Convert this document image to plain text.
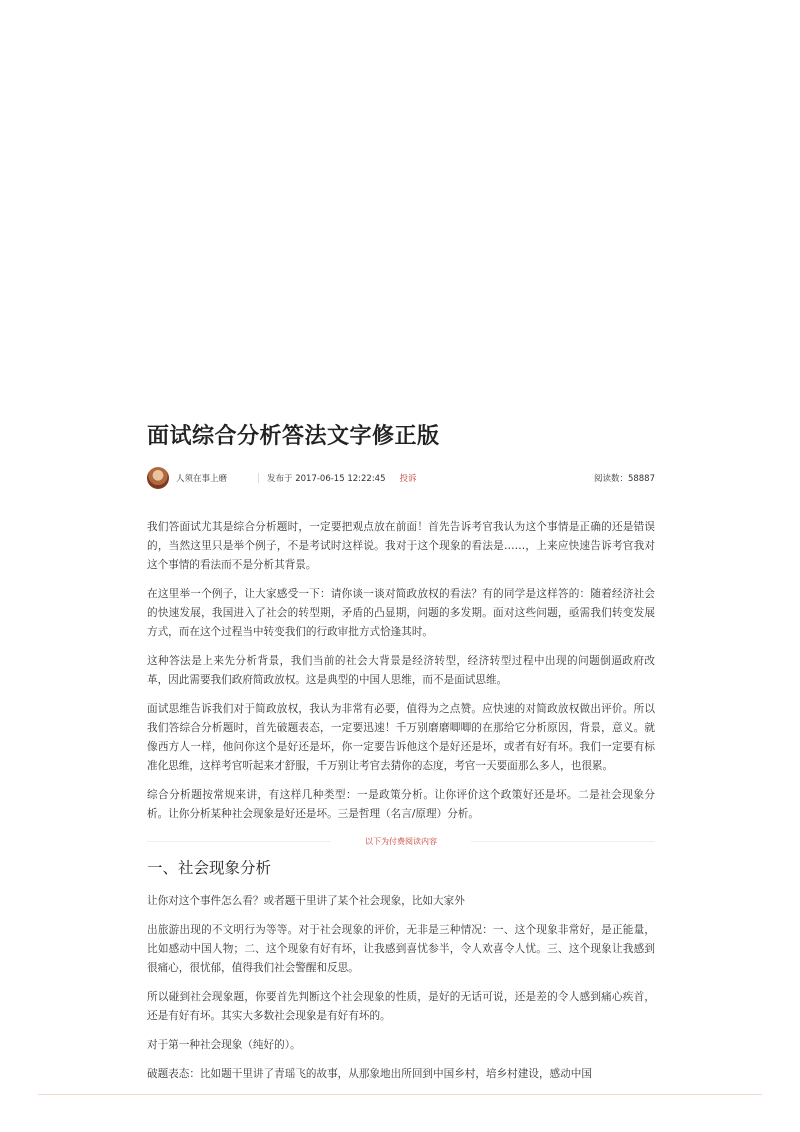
面试综合分析答法文字修正版
人须在事上磨	发布于 2017-06-15 12:22:45 投诉	阅读数：58887

我们答面试尤其是综合分析题时，一定要把观点放在前面！首先告诉考官我认为这个事情是正确的还是错误的，当然这里只是举个例子，不是考试时这样说。我对于这个现象的看法是……，上来应快速告诉考官我对这个事情的看法而不是分析其背景。

在这里举一个例子，让大家感受一下：请你谈一谈对简政放权的看法？有的同学是这样答的：随着经济社会的快速发展，我国进入了社会的转型期，矛盾的凸显期，问题的多发期。面对这些问题，亟需我们转变发展方式，而在这个过程当中转变我们的行政审批方式恰逢其时。

这种答法是上来先分析背景，我们当前的社会大背景是经济转型，经济转型过程中出现的问题倒逼政府改革，因此需要我们政府简政放权。这是典型的中国人思维，而不是面试思维。

面试思维告诉我们对于简政放权，我认为非常有必要，值得为之点赞。应快速的对简政放权做出评价。所以我们答综合分析题时，首先破题表态，一定要迅速！千万别磨磨唧唧的在那给它分析原因，背景，意义。就像西方人一样，他问你这个是好还是坏，你一定要告诉他这个是好还是坏，或者有好有坏。我们一定要有标准化思维，这样考官听起来才舒服，千万别让考官去猜你的态度，考官一天要面那么多人，也很累。

综合分析题按常规来讲，有这样几种类型：一是政策分析。让你评价这个政策好还是坏。二是社会现象分析。让你分析某种社会现象是好还是坏。三是哲理（名言/原理）分析。

以下为付费阅读内容
一、社会现象分析

让你对这个事件怎么看？或者题干里讲了某个社会现象，比如大家外

出旅游出现的不文明行为等等。对于社会现象的评价，无非是三种情况：一、这个现象非常好，是正能量，比如感动中国人物；二、这个现象有好有坏，让我感到喜忧参半，令人欢喜令人忧。三、这个现象让我感到很痛心，很忧郁，值得我们社会警醒和反思。

所以碰到社会现象题，你要首先判断这个社会现象的性质，是好的无话可说，还是差的令人感到痛心疾首，还是有好有坏。其实大多数社会现象是有好有坏的。

对于第一种社会现象（纯好的）。

破题表态：比如题干里讲了青瑶飞的故事，从那象地出所回到中国乡村，培乡村建设，感动中国
